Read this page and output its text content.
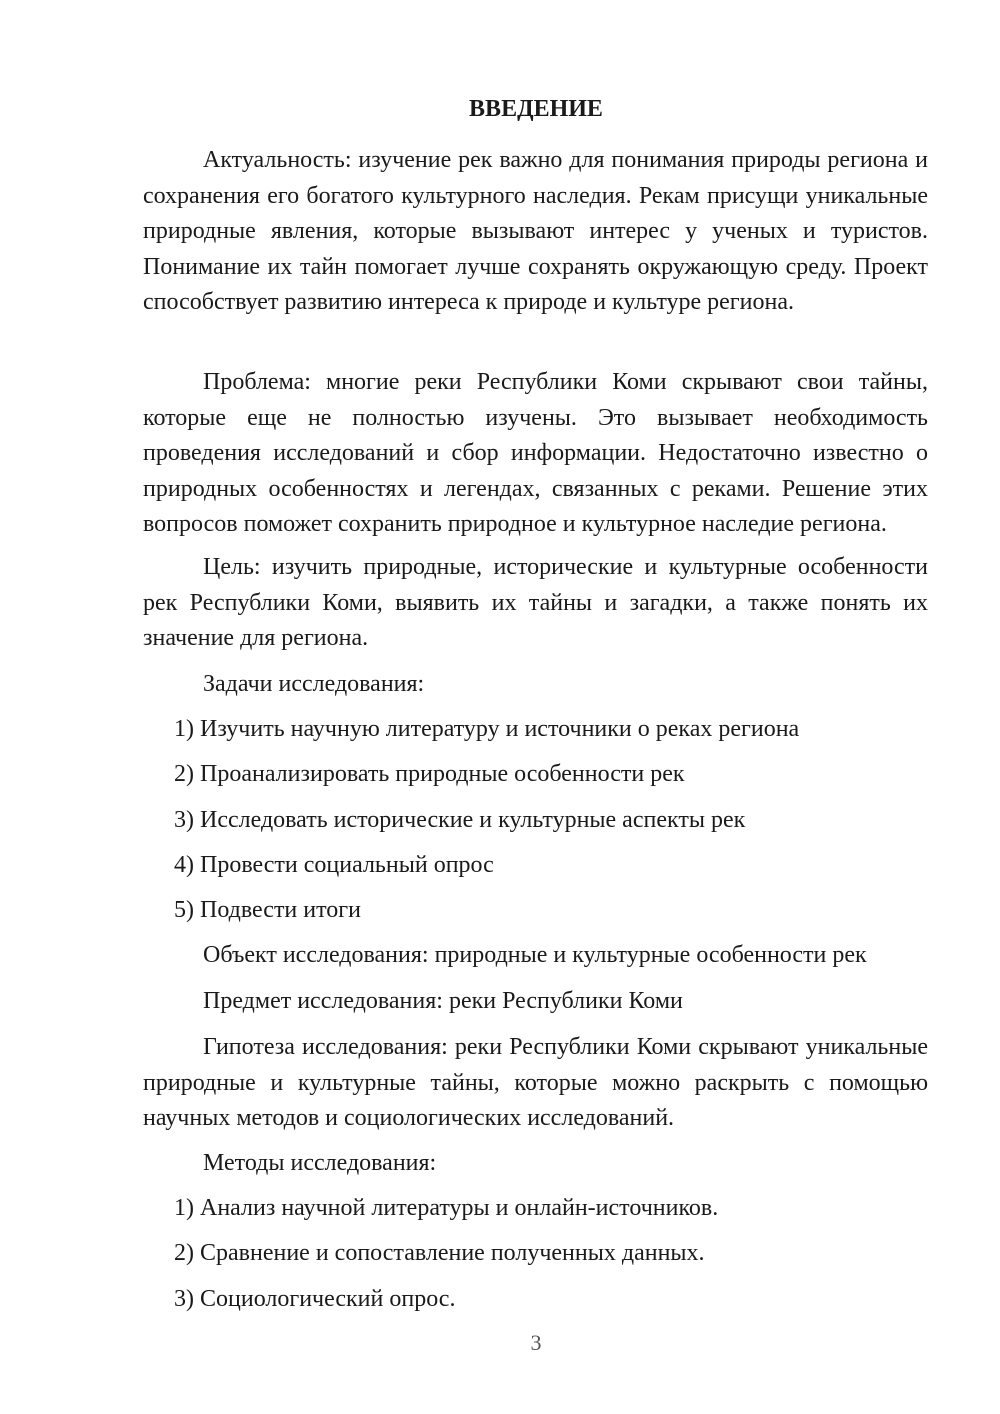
ВВЕДЕНИЕ

Актуальность: изучение рек важно для понимания природы региона и сохранения его богатого культурного наследия. Рекам присущи уникальные природные явления, которые вызывают интерес у ученых и туристов. Понимание их тайн помогает лучше сохранять окружающую среду. Проект способствует развитию интереса к природе и культуре региона.

Проблема: многие реки Республики Коми скрывают свои тайны, которые еще не полностью изучены. Это вызывает необходимость проведения исследований и сбор информации. Недостаточно известно о природных особенностях и легендах, связанных с реками. Решение этих вопросов поможет сохранить природное и культурное наследие региона.

Цель: изучить природные, исторические и культурные особенности рек Республики Коми, выявить их тайны и загадки, а также понять их значение для региона.

Задачи исследования:

1) Изучить научную литературу и источники о реках региона

2) Проанализировать природные особенности рек

3) Исследовать исторические и культурные аспекты рек

4) Провести социальный опрос

5) Подвести итоги

Объект исследования: природные и культурные особенности рек

Предмет исследования: реки Республики Коми

Гипотеза исследования: реки Республики Коми скрывают уникальные природные и культурные тайны, которые можно раскрыть с помощью научных методов и социологических исследований.

Методы исследования:

1) Анализ научной литературы и онлайн-источников.

2) Сравнение и сопоставление полученных данных.

3) Социологический опрос.

3
